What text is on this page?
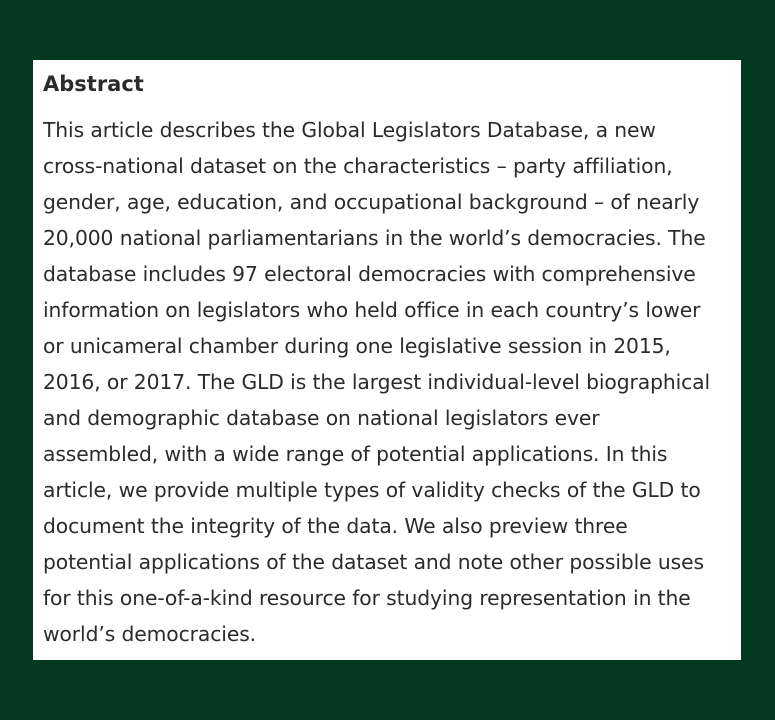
Abstract

This article describes the Global Legislators Database, a new
cross-national dataset on the characteristics – party affiliation,
gender, age, education, and occupational background – of nearly
20,000 national parliamentarians in the world’s democracies. The
database includes 97 electoral democracies with comprehensive
information on legislators who held office in each country’s lower
or unicameral chamber during one legislative session in 2015,
2016, or 2017. The GLD is the largest individual-level biographical
and demographic database on national legislators ever
assembled, with a wide range of potential applications. In this
article, we provide multiple types of validity checks of the GLD to
document the integrity of the data. We also preview three
potential applications of the dataset and note other possible uses
for this one-of-a-kind resource for studying representation in the
world’s democracies.
